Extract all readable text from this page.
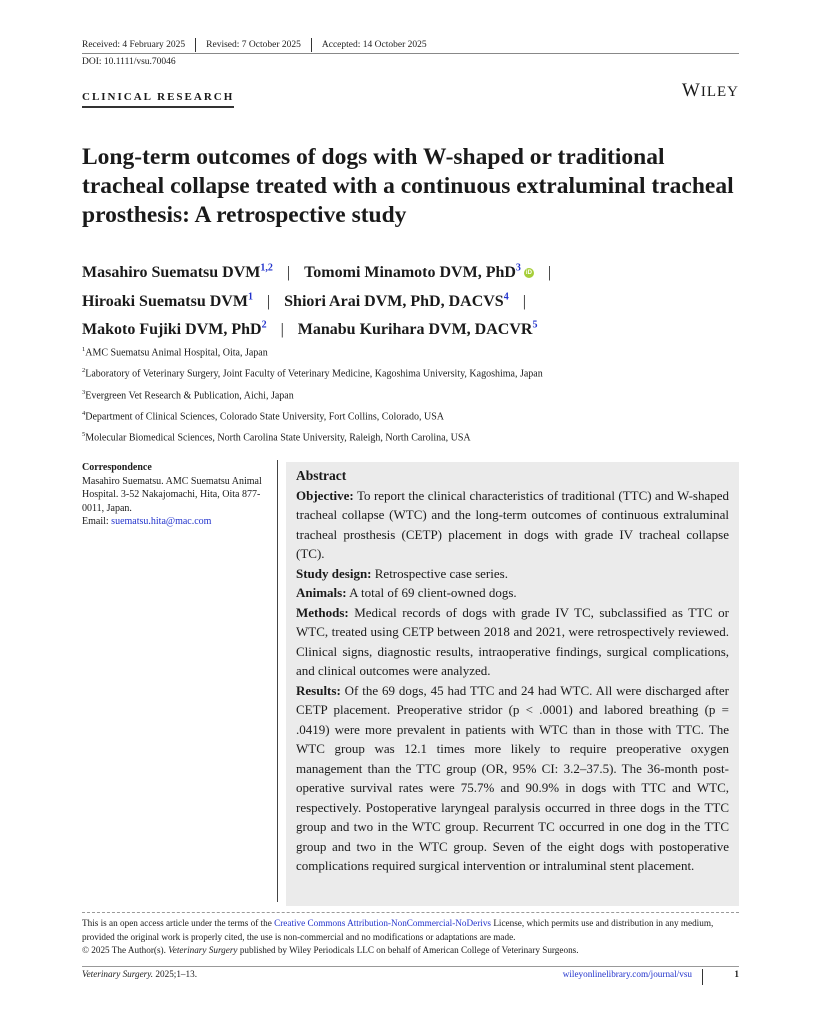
Received: 4 February 2025	Revised: 7 October 2025	Accepted: 14 October 2025
DOI: 10.1111/vsu.70046
CLINICAL RESEARCH	WILEY
Long-term outcomes of dogs with W-shaped or traditional tracheal collapse treated with a continuous extraluminal tracheal prosthesis: A retrospective study
Masahiro Suematsu DVM$^{1,2}$ | Tomomi Minamoto DVM, PhD$^3$ iD |
Hiroaki Suematsu DVM$^1$ | Shiori Arai DVM, PhD, DACVS$^4$ |
Makoto Fujiki DVM, PhD$^2$ | Manabu Kurihara DVM, DACVR$^5$
$^1$AMC Suematsu Animal Hospital, Oita, Japan
$^2$Laboratory of Veterinary Surgery, Joint Faculty of Veterinary Medicine, Kagoshima University, Kagoshima, Japan
$^3$Evergreen Vet Research & Publication, Aichi, Japan
$^4$Department of Clinical Sciences, Colorado State University, Fort Collins, Colorado, USA
$^5$Molecular Biomedical Sciences, North Carolina State University, Raleigh, North Carolina, USA
Correspondence
Masahiro Suematsu. AMC Suematsu Animal Hospital. 3-52 Nakajomachi, Hita, Oita 877-0011, Japan.
Email: suematsu.hita@mac.com
Abstract

Objective: To report the clinical characteristics of traditional (TTC) and W-shaped tracheal collapse (WTC) and the long-term outcomes of continuous extraluminal tracheal prosthesis (CETP) placement in dogs with grade IV tracheal collapse (TC).

Study design: Retrospective case series.

Animals: A total of 69 client-owned dogs.

Methods: Medical records of dogs with grade IV TC, subclassified as TTC or WTC, treated using CETP between 2018 and 2021, were retrospectively reviewed. Clinical signs, diagnostic results, intraoperative findings, surgical complications, and clinical outcomes were analyzed.

Results: Of the 69 dogs, 45 had TTC and 24 had WTC. All were discharged after CETP placement. Preoperative stridor (p < .0001) and labored breathing (p = .0419) were more prevalent in patients with WTC than in those with TTC. The WTC group was 12.1 times more likely to require preoperative oxygen management than the TTC group (OR, 95% CI: 3.2–37.5). The 36-month postoperative survival rates were 75.7% and 90.9% in dogs with TTC and WTC, respectively. Postoperative laryngeal paralysis occurred in three dogs in the TTC group and two in the WTC group. Recurrent TC occurred in one dog in the TTC group and two in the WTC group. Seven of the eight dogs with postoperative complications required surgical intervention or intraluminal stent placement.

This is an open access article under the terms of the Creative Commons Attribution-NonCommercial-NoDerivs License, which permits use and distribution in any medium, provided the original work is properly cited, the use is non-commercial and no modifications or adaptations are made.
© 2025 The Author(s). Veterinary Surgery published by Wiley Periodicals LLC on behalf of American College of Veterinary Surgeons.
Veterinary Surgery. 2025;1–13.	wileyonlinelibrary.com/journal/vsu	1
